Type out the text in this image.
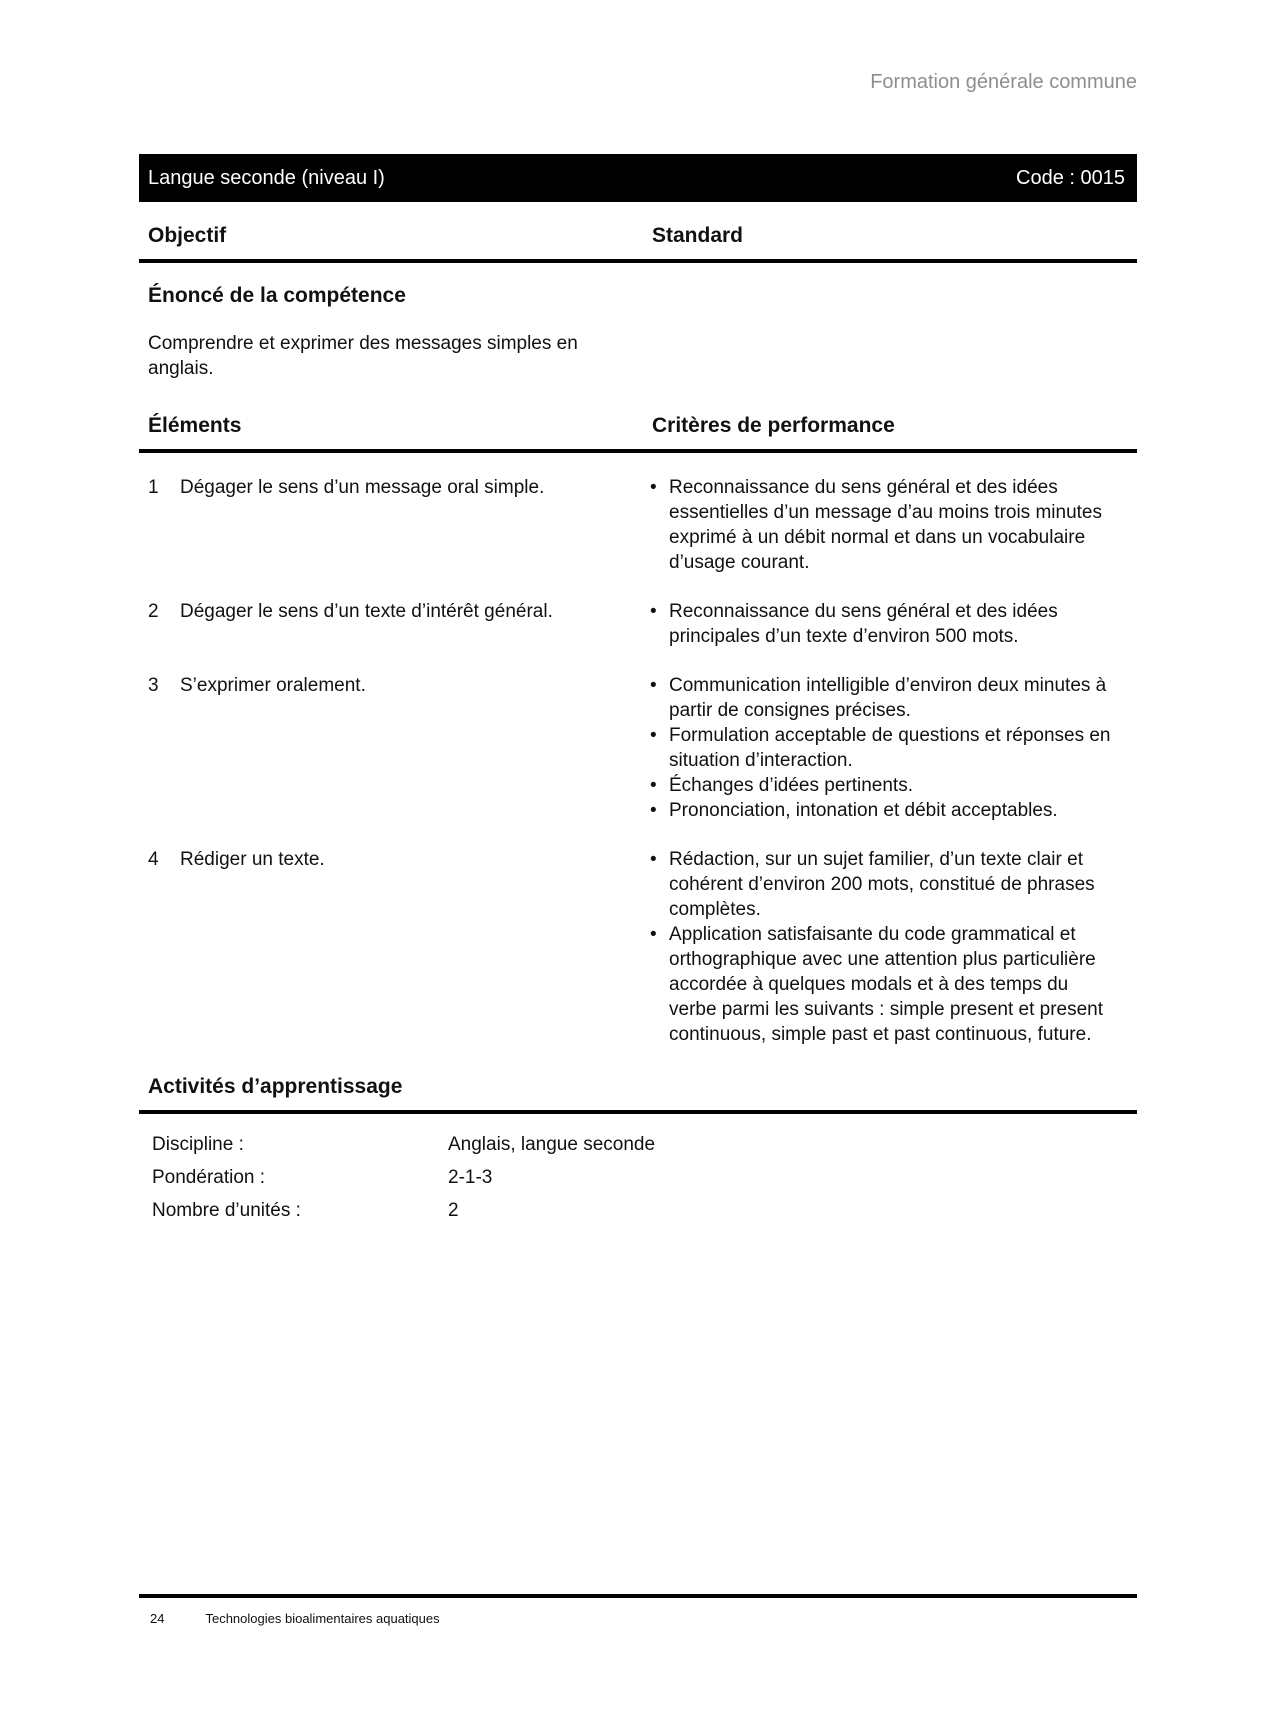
Formation générale commune
Langue seconde (niveau I)	Code : 0015
Objectif	Standard
Énoncé de la compétence

Comprendre et exprimer des messages simples en anglais.

Éléments	Critères de performance
1	Dégager le sens d’un message oral simple.	• Reconnaissance du sens général et des idées essentielles d’un message d’au moins trois minutes exprimé à un débit normal et dans un vocabulaire d’usage courant.
2	Dégager le sens d’un texte d’intérêt général.	• Reconnaissance du sens général et des idées principales d’un texte d’environ 500 mots.
3	S’exprimer oralement.	• Communication intelligible d’environ deux minutes à partir de consignes précises.
• Formulation acceptable de questions et réponses en situation d’interaction.
• Échanges d’idées pertinents.
• Prononciation, intonation et débit acceptables.
4	Rédiger un texte.	• Rédaction, sur un sujet familier, d’un texte clair et cohérent d’environ 200 mots, constitué de phrases complètes.
• Application satisfaisante du code grammatical et orthographique avec une attention plus particulière accordée à quelques modals et à des temps du verbe parmi les suivants : simple present et present continuous, simple past et past continuous, future.
Activités d’apprentissage
Discipline :	Anglais, langue seconde
Pondération :	2-1-3
Nombre d’unités :	2
24	Technologies bioalimentaires aquatiques
